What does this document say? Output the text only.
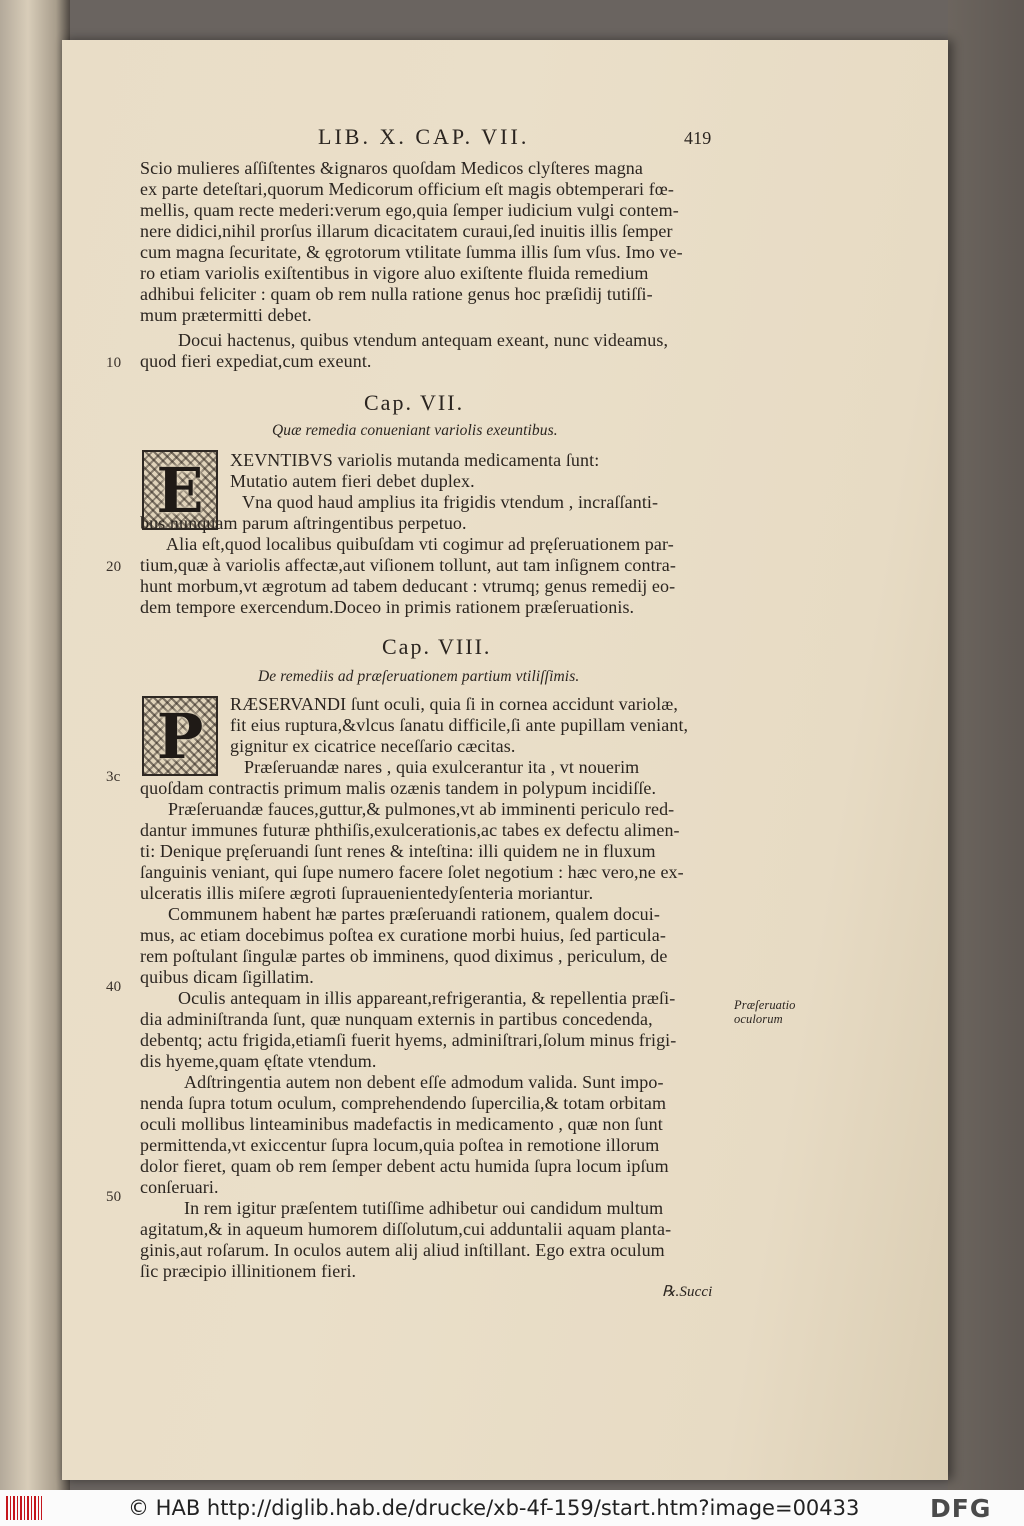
LIB. X. CAP. VII.	419
Scio mulieres aſſiſtentes &ignaros quoſdam Medicos clyſteres magna
ex parte deteſtari,quorum Medicorum officium eſt magis obtemperari fœ-
mellis, quam recte mederi:verum ego,quia ſemper iudicium vulgi contem-
nere didici,nihil prorſus illarum dicacitatem curaui,ſed inuitis illis ſemper
cum magna ſecuritate, & ęgrotorum vtilitate ſumma illis ſum vſus. Imo ve-
ro etiam variolis exiſtentibus in vigore aluo exiſtente fluida remedium
adhibui feliciter : quam ob rem nulla ratione genus hoc præſidij tutiſſi-
mum prætermitti debet.
Docui hactenus, quibus vtendum antequam exeant, nunc videamus,
quod fieri expediat,cum exeunt.
10
Cap. VII.
Quæ remedia conueniant variolis exeuntibus.
E	XEVNTIBVS variolis mutanda medicamenta ſunt:
Mutatio autem fieri debet duplex.
Vna quod haud amplius ita frigidis vtendum , incraſſanti-
bus nunquam parum aſtringentibus perpetuo.
Alia eſt,quod localibus quibuſdam vti cogimur ad pręſeruationem par-
tium,quæ à variolis affectæ,aut viſionem tollunt, aut tam inſignem contra-
hunt morbum,vt ægrotum ad tabem deducant : vtrumq; genus remedij eo-
dem tempore exercendum.Doceo in primis rationem præſeruationis.
20
Cap. VIII.
De remediis ad præſeruationem partium vtiliſſimis.
P	RÆSERVANDI ſunt oculi, quia ſi in cornea accidunt variolæ,
fit eius ruptura,&vlcus ſanatu difficile,ſi ante pupillam veniant,
gignitur ex cicatrice neceſſario cæcitas.
Præſeruandæ nares , quia exulcerantur ita , vt nouerim
3c
quoſdam contractis primum malis ozænis tandem in polypum incidiſſe.
Præſeruandæ fauces,guttur,& pulmones,vt ab imminenti periculo red-
dantur immunes futuræ phthiſis,exulcerationis,ac tabes ex defectu alimen-
ti: Denique pręſeruandi ſunt renes & inteſtina: illi quidem ne in fluxum
ſanguinis veniant, qui ſupe numero facere ſolet negotium : hæc vero,ne ex-
ulceratis illis miſere ægroti ſuprauenientedyſenteria moriantur.
Communem habent hæ partes præſeruandi rationem, qualem docui-
mus, ac etiam docebimus poſtea ex curatione morbi huius, ſed particula-
rem poſtulant ſingulæ partes ob imminens, quod diximus , periculum, de
quibus dicam ſigillatim.
Oculis antequam in illis appareant,refrigerantia, & repellentia præſi-
dia adminiſtranda ſunt, quæ nunquam externis in partibus concedenda,
debentq; actu frigida,etiamſi fuerit hyems, adminiſtrari,ſolum minus frigi-
dis hyeme,quam ęſtate vtendum.
Adſtringentia autem non debent eſſe admodum valida. Sunt impo-
nenda ſupra totum oculum, comprehendendo ſupercilia,& totam orbitam
oculi mollibus linteaminibus madefactis in medicamento , quæ non ſunt
permittenda,vt exiccentur ſupra locum,quia poſtea in remotione illorum
dolor fieret, quam ob rem ſemper debent actu humida ſupra locum ipſum
conſeruari.
In rem igitur præſentem tutiſſime adhibetur oui candidum multum
agitatum,& in aqueum humorem diſſolutum,cui adduntalii aquam planta-
ginis,aut roſarum. In oculos autem alij aliud inſtillant. Ego extra oculum
ſic præcipio illinitionem fieri.
40
50
Præſeruatio
oculorum
℞.Succi
© HAB http://diglib.hab.de/drucke/xb-4f-159/start.htm?image=00433	DFG
